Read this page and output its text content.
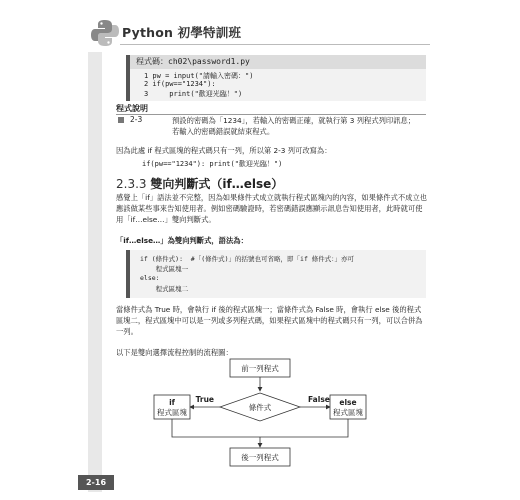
Python 初學特訓班
程式碼：ch02\password1.py
1 pw = input("請輸入密碼：")
2 if(pw=="1234"):
3     print("歡迎光臨！")
程式說明
2-3	預設的密碼為「1234」，若輸入的密碼正確，就執行第 3 列程式列印訊息；若輸入的密碼錯誤就結束程式。
因為此處 if 程式區塊的程式碼只有一列，所以第 2-3 列可改寫為：
if(pw=="1234"): print("歡迎光臨！")
2.3.3 雙向判斷式（if…else）
感覺上「if」語法並不完整，因為如果條件式成立就執行程式區塊內的內容，如果條件式不成立也應該做某些事來告知使用者。例如密碼驗證時，若密碼錯誤應顯示訊息告知使用者，此時就可使用「if…else…」雙向判斷式。
「if…else…」為雙向判斷式，語法為：
if (條件式):  #「(條件式)」的括號也可省略，即「if 條件式：」亦可
程式區塊一
else:
程式區塊二
當條件式為 True 時，會執行 if 後的程式區塊一；當條件式為 False 時，會執行 else 後的程式區塊二，程式區塊中可以是一列或多列程式碼，如果程式區塊中的程式碼只有一列，可以合併為一列。
以下是雙向選擇流程控制的流程圖：
前一列程式
條件式
True
if
程式區塊
False else
程式區塊
後一列程式
2-16
